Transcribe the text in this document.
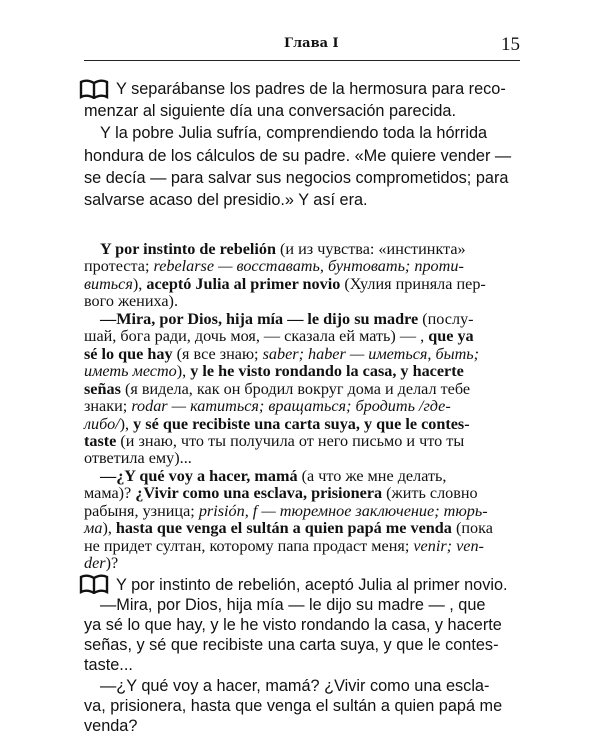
Глава I	15
Y separábanse los padres de la hermosura para reco-
menzar al siguiente día una conversación parecida.
Y la pobre Julia sufría, comprendiendo toda la hórrida
hondura de los cálculos de su padre. «Me quiere vender —
se decía — para salvar sus negocios comprometidos; para
salvarse acaso del presidio.» Y así era.
Y por instinto de rebelión (и из чувства: «инстинкта»
протеста; rebelarse — восставать, бунтовать; проти-
виться), aceptó Julia al primer novio (Хулия приняла пер-
вого жениха).
—Mira, por Dios, hija mía — le dijo su madre (послу-
шай, бога ради, дочь моя, — сказала ей мать) — , que ya
sé lo que hay (я все знаю; saber; haber — иметься, быть;
иметь место), y le he visto rondando la casa, y hacerte
señas (я видела, как он бродил вокруг дома и делал тебе
знаки; rodar — катиться; вращаться; бродить /где-
либо/), y sé que recibiste una carta suya, y que le contes-
taste (и знаю, что ты получила от него письмо и что ты
ответила ему)...
—¿Y qué voy a hacer, mamá (а что же мне делать,
мама)? ¿Vivir como una esclava, prisionera (жить словно
рабыня, узница; prisión, f — тюремное заключение; тюрь-
ма), hasta que venga el sultán a quien papá me venda (пока
не придет султан, которому папа продаст меня; venir; ven-
der)?
Y por instinto de rebelión, aceptó Julia al primer novio.
—Mira, por Dios, hija mía — le dijo su madre — , que
ya sé lo que hay, y le he visto rondando la casa, y hacerte
señas, y sé que recibiste una carta suya, y que le contes-
taste...
—¿Y qué voy a hacer, mamá? ¿Vivir como una escla-
va, prisionera, hasta que venga el sultán a quien papá me
venda?
